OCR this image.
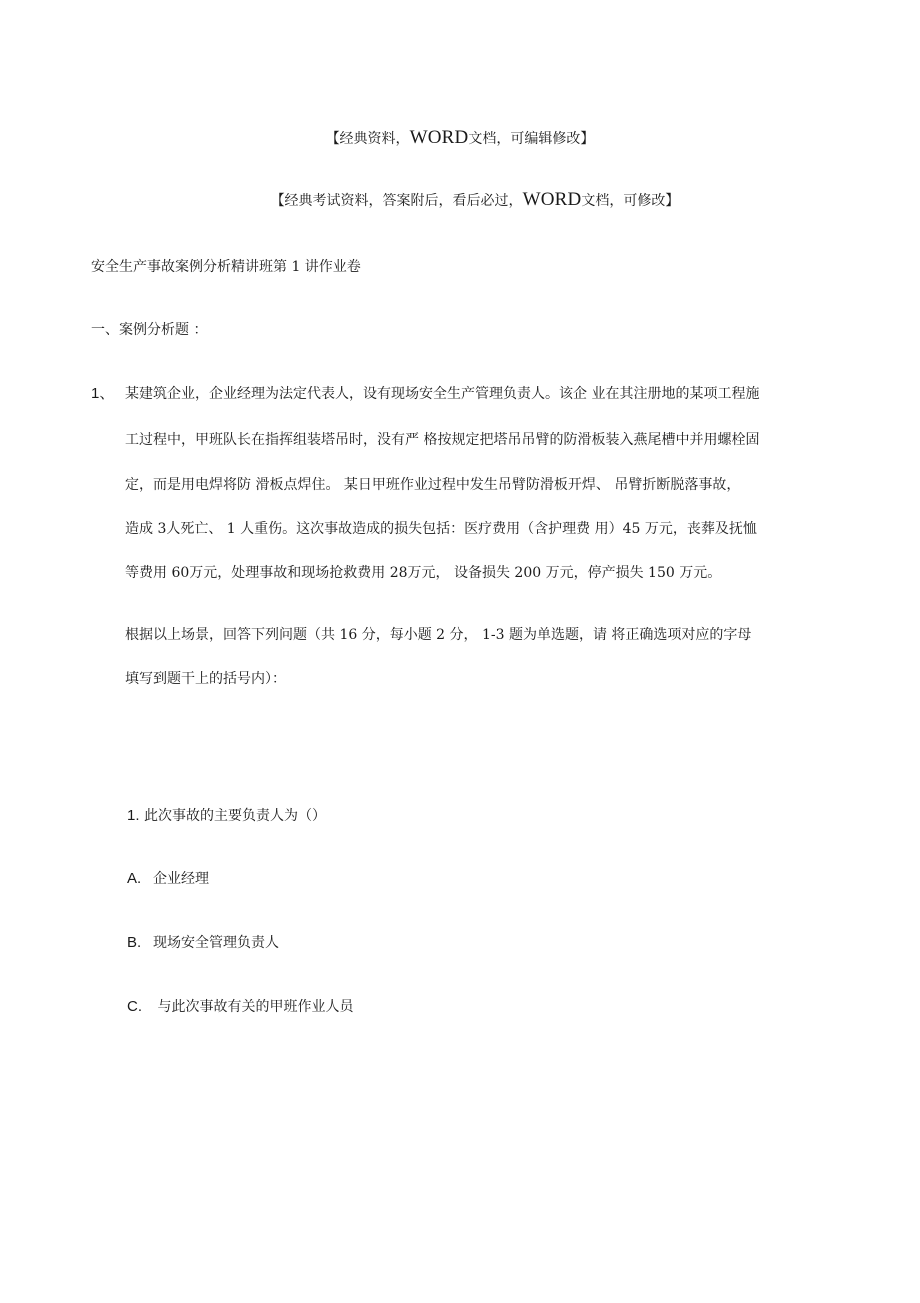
【经典资料，WORD文档，可编辑修改】
【经典考试资料，答案附后，看后必过，WORD文档，可修改】
安全生产事故案例分析精讲班第 1 讲作业卷
一、案例分析题 ：
1、 某建筑企业，企业经理为法定代表人，设有现场安全生产管理负责人。该企 业在其注册地的某项工程施
工过程中，甲班队长在指挥组装塔吊时，没有严 格按规定把塔吊吊臂的防滑板装入燕尾槽中并用螺栓固
定，而是用电焊将防 滑板点焊住。 某日甲班作业过程中发生吊臂防滑板开焊、 吊臂折断脱落事故，
造成 3人死亡、 1 人重伤。这次事故造成的损失包括：医疗费用（含护理费 用）45 万元，丧葬及抚恤
等费用 60万元，处理事故和现场抢救费用 28万元， 设备损失 200 万元，停产损失 150 万元。
根据以上场景，回答下列问题（共 16 分，每小题 2 分， 1-3 题为单选题，请 将正确选项对应的字母
填写到题干上的括号内）：
1. 此次事故的主要负责人为（）
A. 企业经理
B. 现场安全管理负责人
C. 与此次事故有关的甲班作业人员
